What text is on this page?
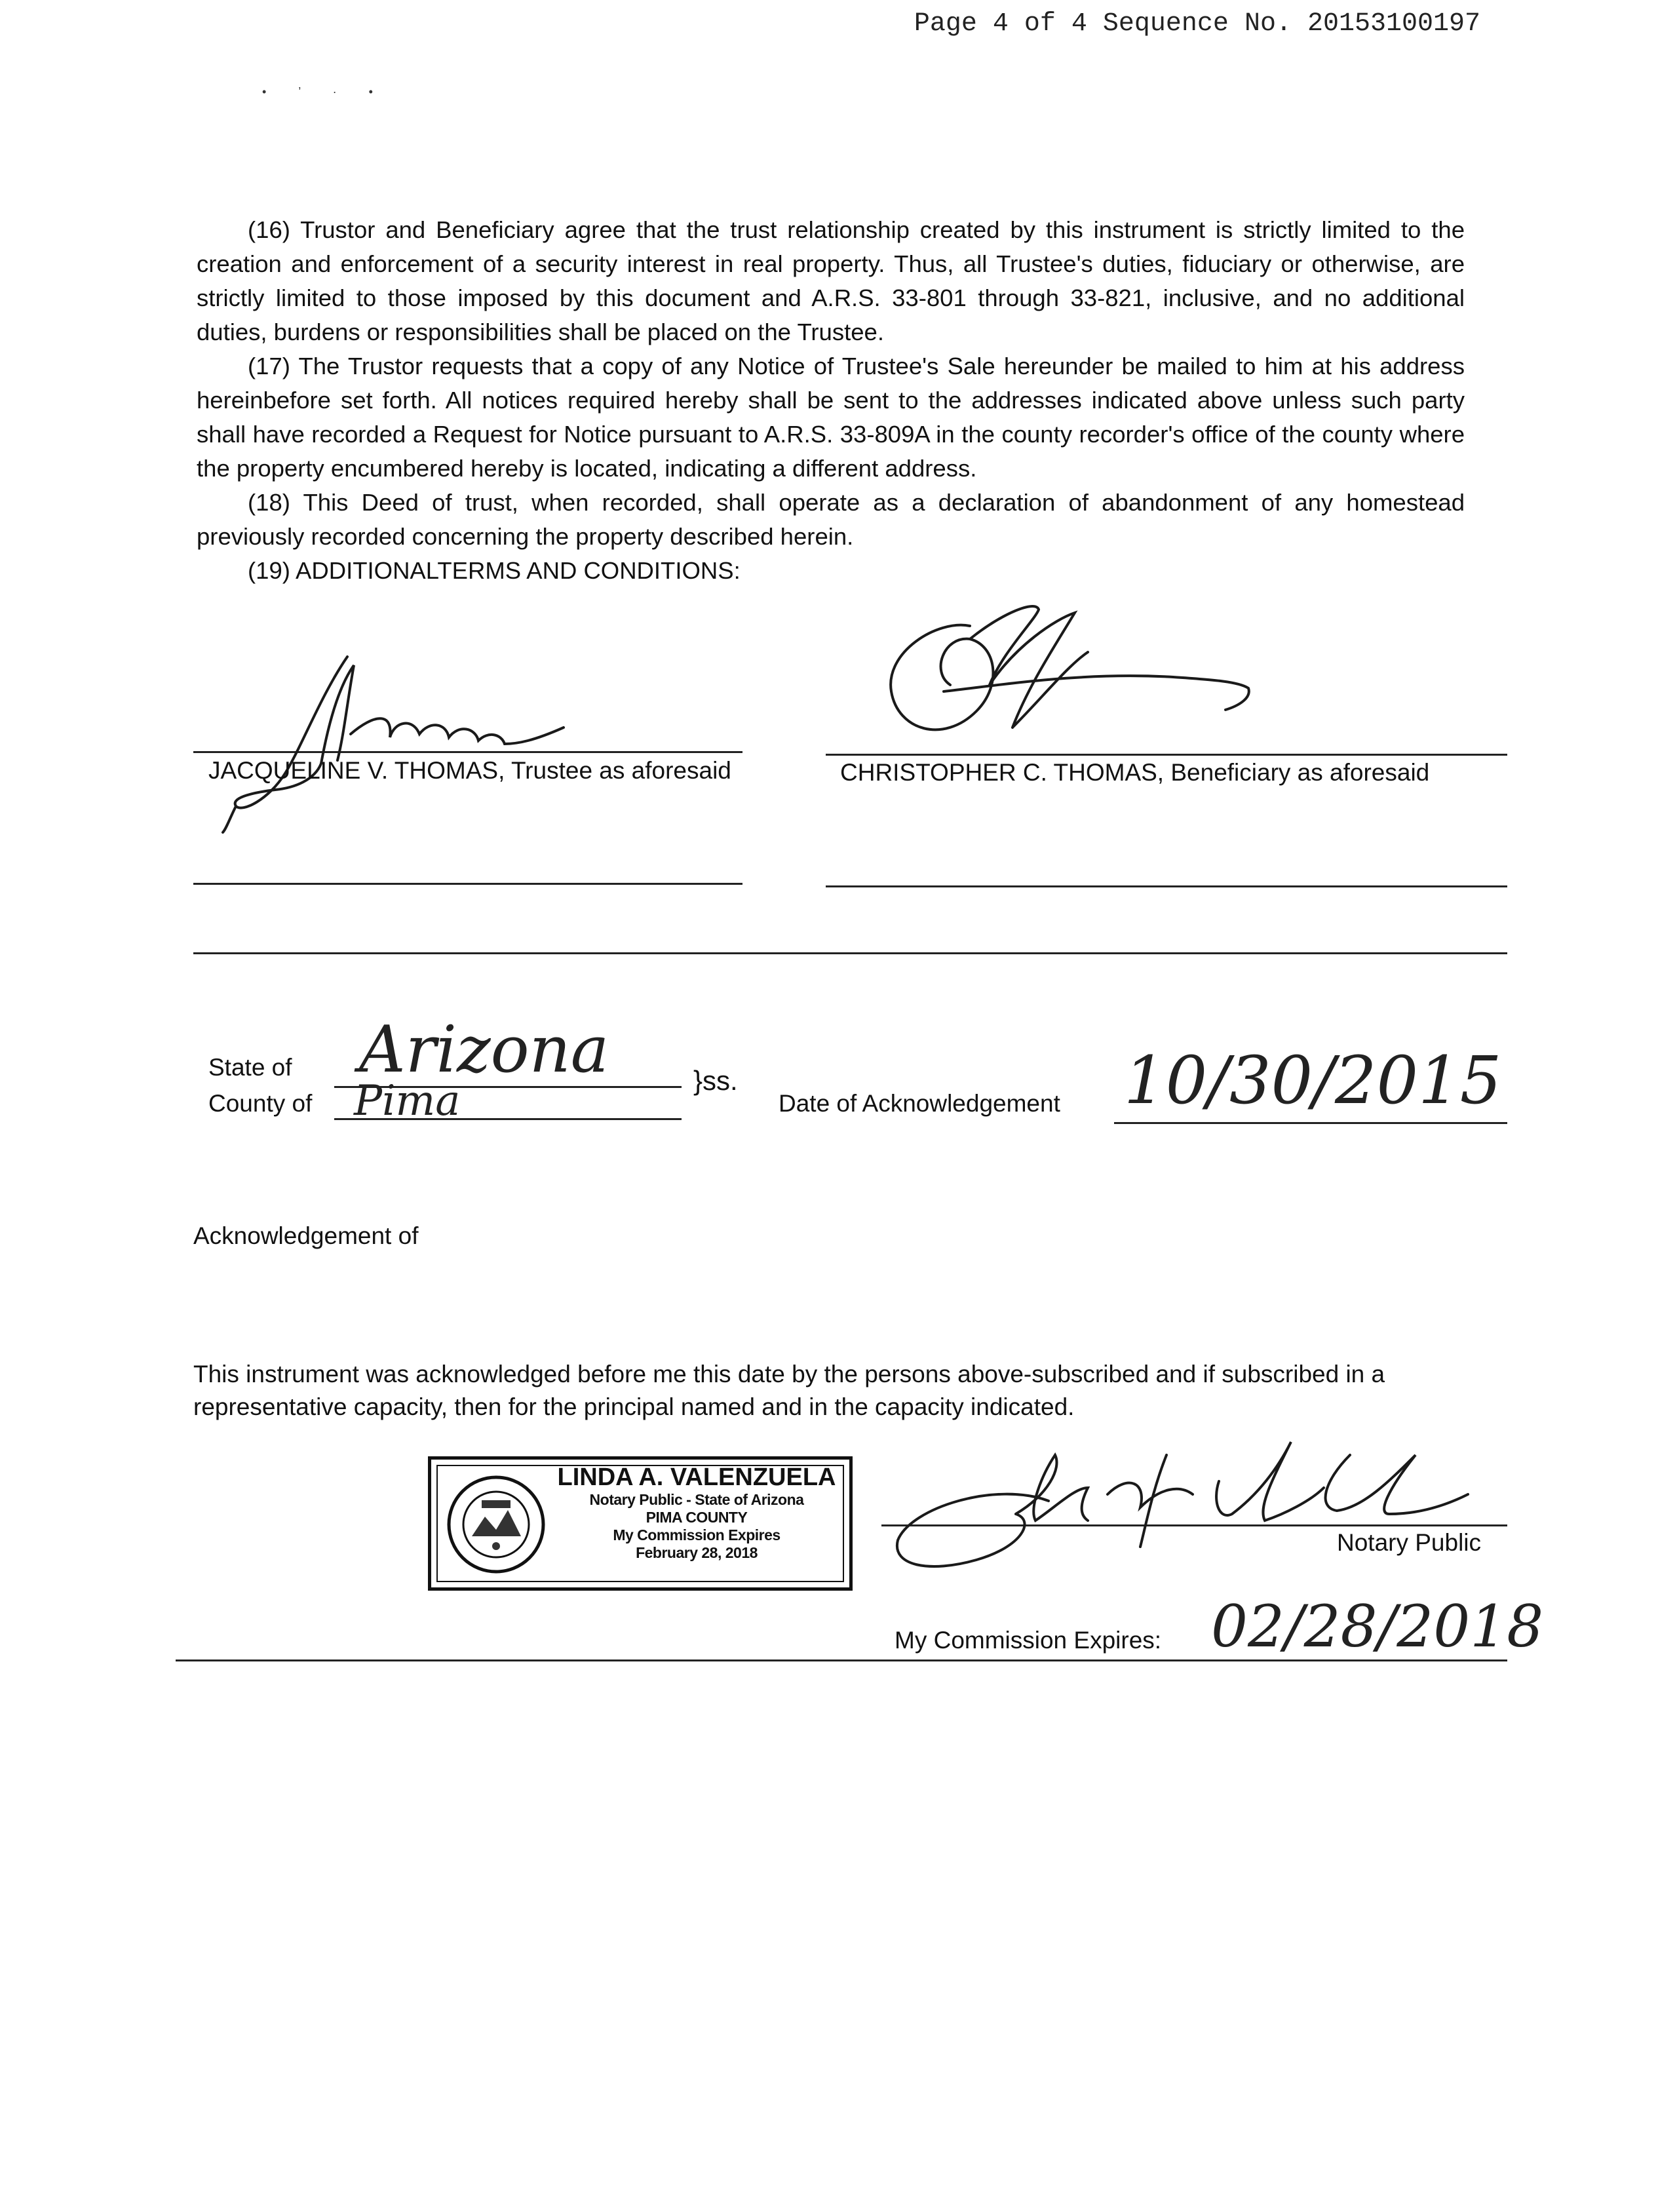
Page 4 of 4 Sequence No. 20153100197
• ’ · •

(16) Trustor and Beneficiary agree that the trust relationship created by this instrument is strictly limited to the creation and enforcement of a security interest in real property. Thus, all Trustee's duties, fiduciary or otherwise, are strictly limited to those imposed by this document and A.R.S. 33-801 through 33-821, inclusive, and no additional duties, burdens or responsibilities shall be placed on the Trustee.

(17) The Trustor requests that a copy of any Notice of Trustee's Sale hereunder be mailed to him at his address hereinbefore set forth. All notices required hereby shall be sent to the addresses indicated above unless such party shall have recorded a Request for Notice pursuant to A.R.S. 33-809A in the county recorder's office of the county where the property encumbered hereby is located, indicating a different address.

(18) This Deed of trust, when recorded, shall operate as a declaration of abandonment of any homestead previously recorded concerning the property described herein.

(19) ADDITIONALTERMS AND CONDITIONS:

JACQUELINE V. THOMAS, Trustee as aforesaid	CHRISTOPHER C. THOMAS, Beneficiary as aforesaid
State of
County of
Arizona
Pima	}ss.
Date of Acknowledgement 10/30/2015
Acknowledgement of
This instrument was acknowledged before me this date by the persons above-subscribed and if subscribed in a representative capacity, then for the principal named and in the capacity indicated.
LINDA A. VALENZUELA
Notary Public - State of Arizona
PIMA COUNTY
My Commission Expires
February 28, 2018	Notary Public
My Commission Expires: 02/28/2018
